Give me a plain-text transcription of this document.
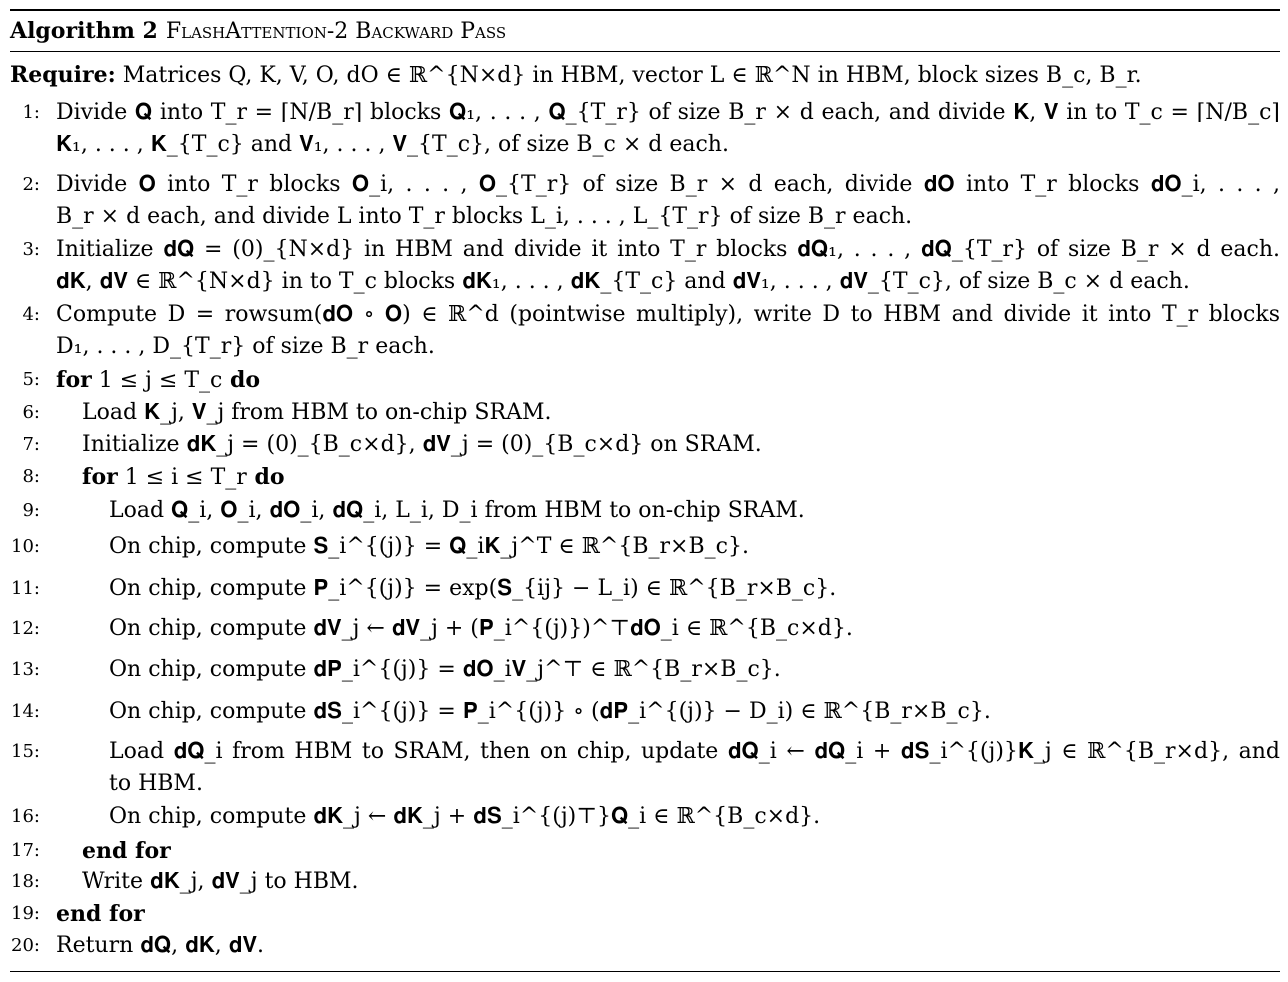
Algorithm 2 FlashAttention-2 Backward Pass
Require: Matrices Q, K, V, O, dO ∈ ℝ^{N×d} in HBM, vector L ∈ ℝ^N in HBM, block sizes B_c, B_r.
1: Divide 𝐐 into T_r = ⌈N/B_r⌉ blocks 𝐐₁, . . . , 𝐐_{T_r} of size B_r × d each, and divide 𝐊, 𝐕 in to T_c = ⌈N/B_c⌉
𝐊₁, . . . , 𝐊_{T_c} and 𝐕₁, . . . , 𝐕_{T_c}, of size B_c × d each.
2: Divide 𝐎 into T_r blocks 𝐎_i, . . . , 𝐎_{T_r} of size B_r × d each, divide 𝐝𝐎 into T_r blocks 𝐝𝐎_i, . . . ,
B_r × d each, and divide L into T_r blocks L_i, . . . , L_{T_r} of size B_r each.
3: Initialize 𝐝𝐐 = (0)_{N×d} in HBM and divide it into T_r blocks 𝐝𝐐₁, . . . , 𝐝𝐐_{T_r} of size B_r × d each.
𝐝𝐊, 𝐝𝐕 ∈ ℝ^{N×d} in to T_c blocks 𝐝𝐊₁, . . . , 𝐝𝐊_{T_c} and 𝐝𝐕₁, . . . , 𝐝𝐕_{T_c}, of size B_c × d each.
4: Compute D = rowsum(𝐝𝐎 ∘ 𝐎) ∈ ℝ^d (pointwise multiply), write D to HBM and divide it into T_r blocks
D₁, . . . , D_{T_r} of size B_r each.
5: for 1 ≤ j ≤ T_c do
6: Load 𝐊_j, 𝐕_j from HBM to on-chip SRAM.
7: Initialize 𝐝𝐊_j = (0)_{B_c×d}, 𝐝𝐕_j = (0)_{B_c×d} on SRAM.
8: for 1 ≤ i ≤ T_r do
9:	Load 𝐐_i, 𝐎_i, 𝐝𝐎_i, 𝐝𝐐_i, L_i, D_i from HBM to on-chip SRAM.
10:	On chip, compute 𝐒_i^{(j)} = 𝐐_i𝐊_j^T ∈ ℝ^{B_r×B_c}.
11:	On chip, compute 𝐏_i^{(j)} = exp(𝐒_{ij} − L_i) ∈ ℝ^{B_r×B_c}.
12:	On chip, compute 𝐝𝐕_j ← 𝐝𝐕_j + (𝐏_i^{(j)})^⊤𝐝𝐎_i ∈ ℝ^{B_c×d}.
13:	On chip, compute 𝐝𝐏_i^{(j)} = 𝐝𝐎_i𝐕_j^⊤ ∈ ℝ^{B_r×B_c}.
14:	On chip, compute 𝐝𝐒_i^{(j)} = 𝐏_i^{(j)} ∘ (𝐝𝐏_i^{(j)} − D_i) ∈ ℝ^{B_r×B_c}.
15:	Load 𝐝𝐐_i from HBM to SRAM, then on chip, update 𝐝𝐐_i ← 𝐝𝐐_i + 𝐝𝐒_i^{(j)}𝐊_j ∈ ℝ^{B_r×d}, and
to HBM.
16:	On chip, compute 𝐝𝐊_j ← 𝐝𝐊_j + 𝐝𝐒_i^{(j)⊤}𝐐_i ∈ ℝ^{B_c×d}.
17: end for
18: Write 𝐝𝐊_j, 𝐝𝐕_j to HBM.
19: end for
20: Return 𝐝𝐐, 𝐝𝐊, 𝐝𝐕.
